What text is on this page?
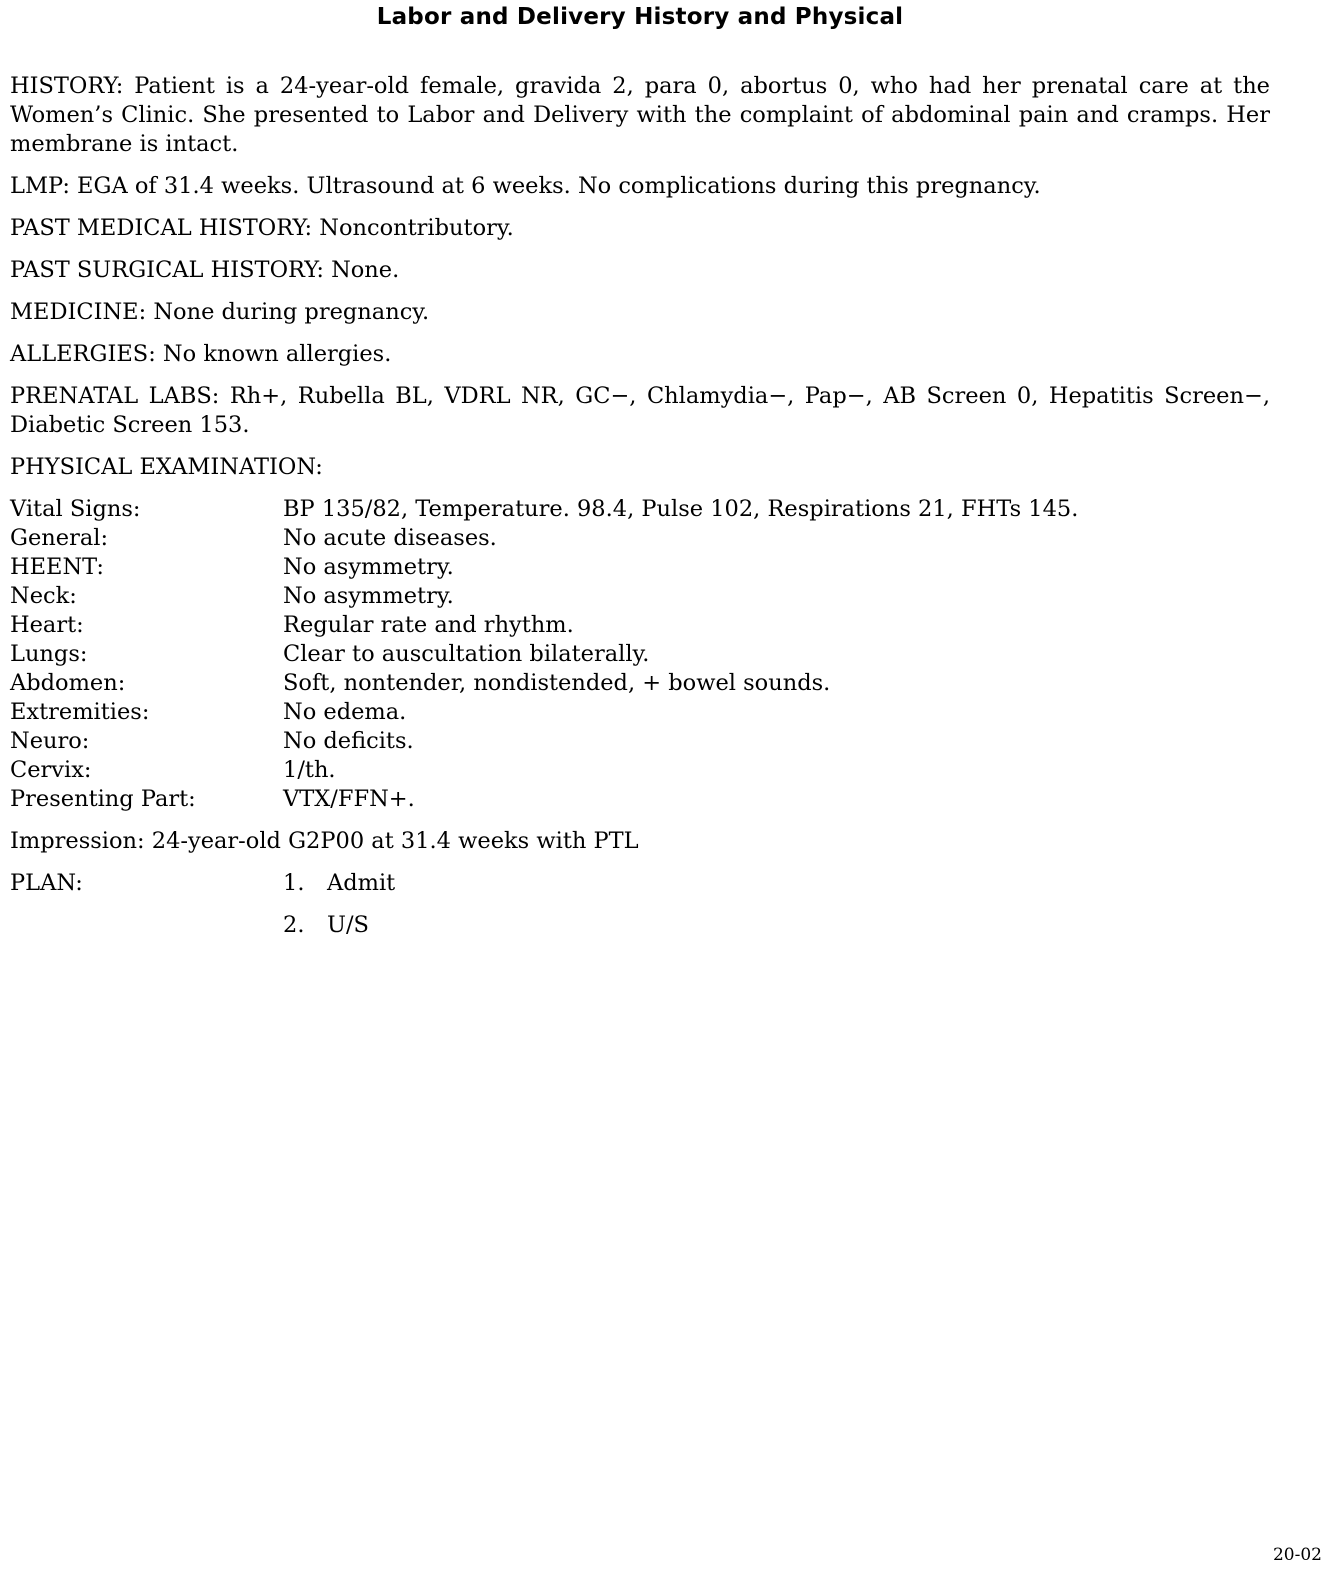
Labor and Delivery History and Physical

HISTORY: Patient is a 24-year-old female, gravida 2, para 0, abortus 0, who had her prenatal care at the Women’s Clinic. She presented to Labor and Delivery with the complaint of abdominal pain and cramps. Her membrane is intact.

LMP: EGA of 31.4 weeks. Ultrasound at 6 weeks. No complications during this pregnancy.

PAST MEDICAL HISTORY: Noncontributory.

PAST SURGICAL HISTORY: None.

MEDICINE: None during pregnancy.

ALLERGIES: No known allergies.

PRENATAL LABS: Rh+, Rubella BL, VDRL NR, GC−, Chlamydia−, Pap−, AB Screen 0, Hepatitis Screen−, Diabetic Screen 153.

PHYSICAL EXAMINATION:

Vital Signs:	BP 135/82, Temperature. 98.4, Pulse 102, Respirations 21, FHTs 145.
General:	No acute diseases.
HEENT:	No asymmetry.
Neck:	No asymmetry.
Heart:	Regular rate and rhythm.
Lungs:	Clear to auscultation bilaterally.
Abdomen:	Soft, nontender, nondistended, + bowel sounds.
Extremities:	No edema.
Neuro:	No deficits.
Cervix:	1/th.
Presenting Part:	VTX/FFN+.

Impression: 24-year-old G2P00 at 31.4 weeks with PTL

PLAN:	1.	Admit
2.	U/S
20-02
